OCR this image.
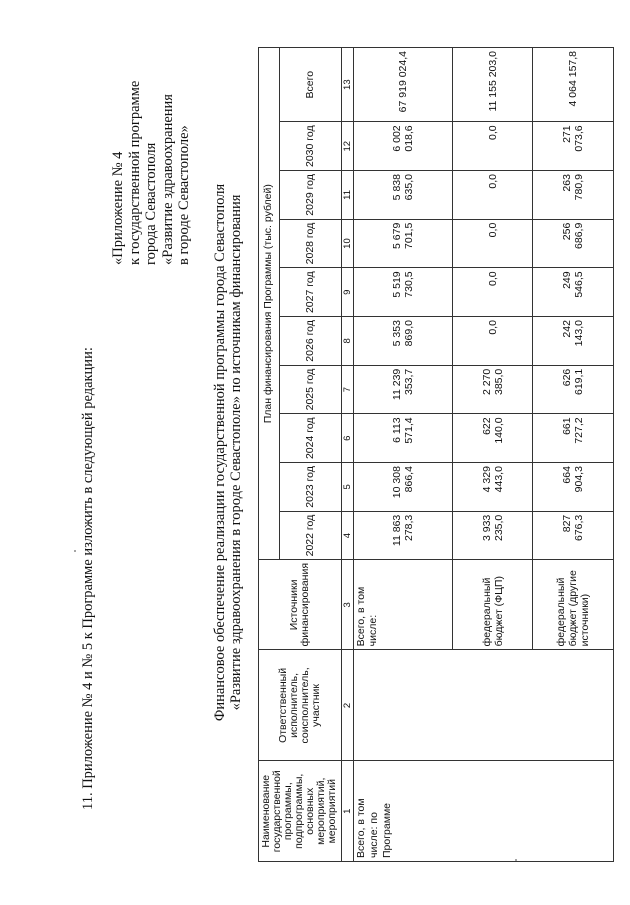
11. Приложение № 4 и № 5 к Программе изложить в следующей редакции:
«Приложение № 4 к государственной программе города Севастополя «Развитие здравоохранения в городе Севастополе» Финансовое обеспечение реализации государственной программы города Севастополя «Развитие здравоохранения в городе Севастополе» по источникам финансирования
Наименование государственной программы, подпрограммы, основных мероприятий, мероприятий	Ответственный исполнитель, соисполнитель, участник	Источники финансирования	План финансирования Программы (тыс. рублей)									
			2022 год	2023 год	2024 год	2025 год	2026 год	2027 год	2028 год	2029 год	2030 год	Всего
1	2	3	4	5	6	7	8	9	10	11	12	13
Всего, в том числе: по Программе		Всего, в том числе:	11 863 278,3	10 308 866,4	6 113 571,4	11 239 353,7	5 353 869,0	5 519 730,5	5 679 701,5	5 838 635,0	6 002 018,6	67 919 024,4
		федеральный бюджет (ФЦП)	3 933 235,0	4 329 443,0	622 140,0	2 270 385,0	0,0	0,0	0,0	0,0	0,0	11 155 203,0
		федеральный бюджет (другие источники)	827 676,3	664 904,3	661 727,2	626 619,1	242 143,0	249 546,5	256 686,9	263 780,9	271 073,6	4 064 157,8
